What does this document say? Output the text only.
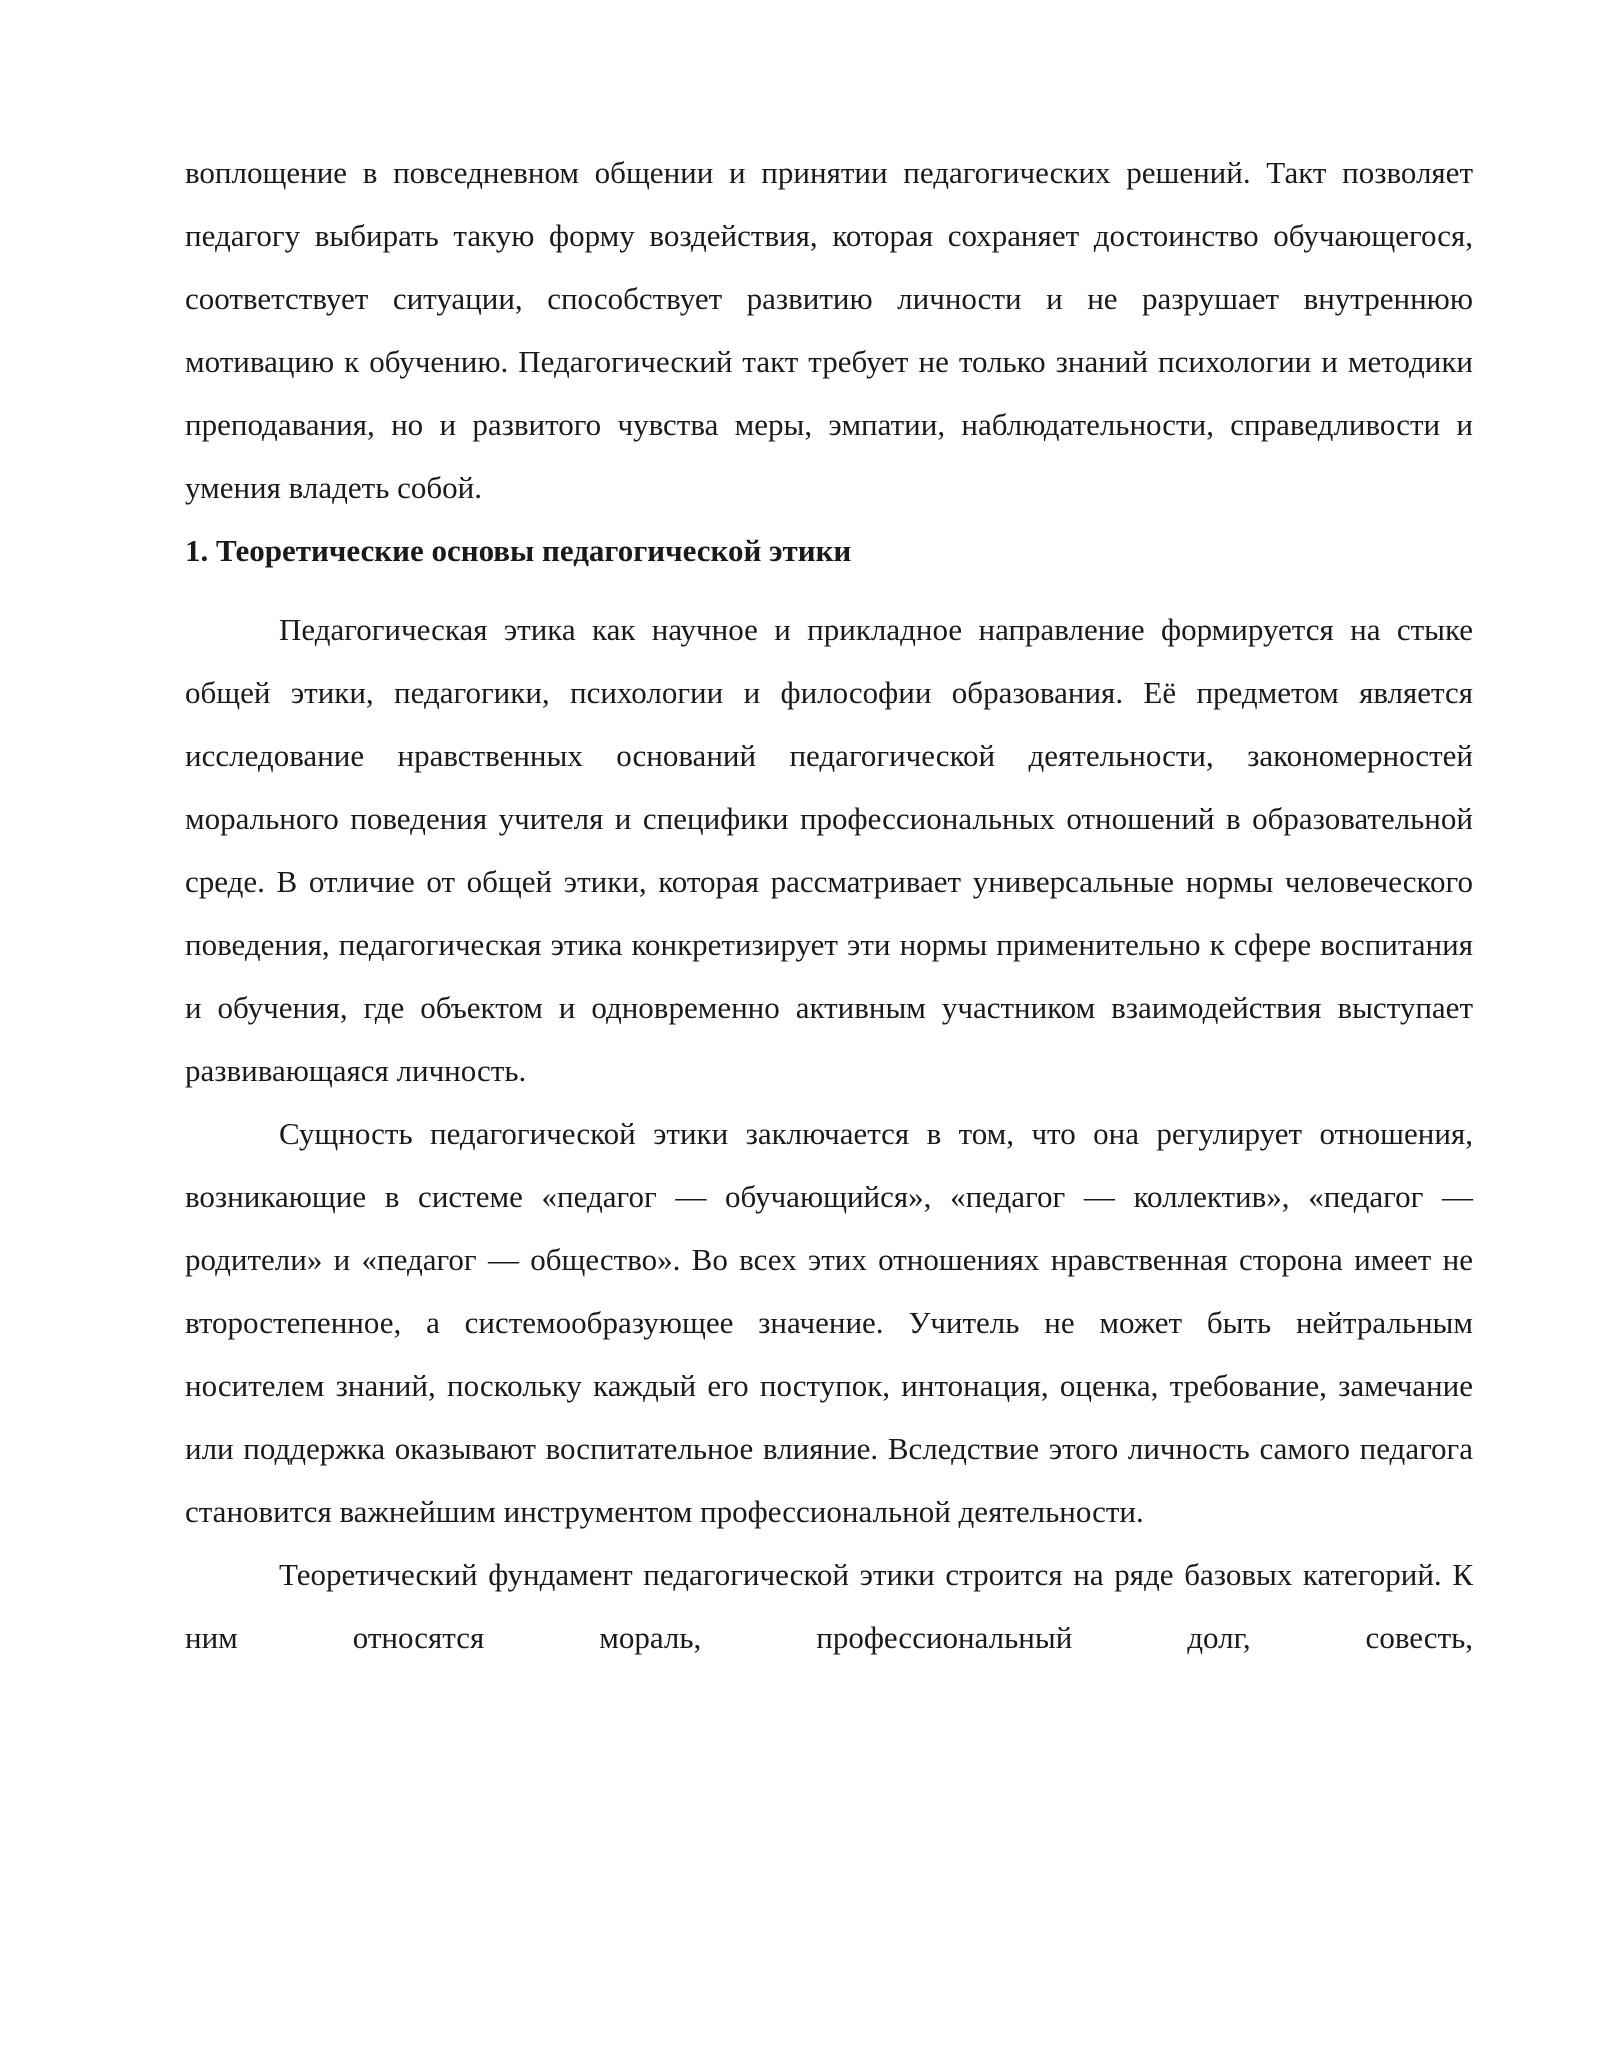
воплощение в повседневном общении и принятии педагогических решений. Такт позволяет педагогу выбирать такую форму воздействия, которая сохраняет достоинство обучающегося, соответствует ситуации, способствует развитию личности и не разрушает внутреннюю мотивацию к обучению. Педагогический такт требует не только знаний психологии и методики преподавания, но и развитого чувства меры, эмпатии, наблюдательности, справедливости и умения владеть собой.

1. Теоретические основы педагогической этики

Педагогическая этика как научное и прикладное направление формируется на стыке общей этики, педагогики, психологии и философии образования. Её предметом является исследование нравственных оснований педагогической деятельности, закономерностей морального поведения учителя и специфики профессиональных отношений в образовательной среде. В отличие от общей этики, которая рассматривает универсальные нормы человеческого поведения, педагогическая этика конкретизирует эти нормы применительно к сфере воспитания и обучения, где объектом и одновременно активным участником взаимодействия выступает развивающаяся личность.

Сущность педагогической этики заключается в том, что она регулирует отношения, возникающие в системе «педагог — обучающийся», «педагог — коллектив», «педагог — родители» и «педагог — общество». Во всех этих отношениях нравственная сторона имеет не второстепенное, а системообразующее значение. Учитель не может быть нейтральным носителем знаний, поскольку каждый его поступок, интонация, оценка, требование, замечание или поддержка оказывают воспитательное влияние. Вследствие этого личность самого педагога становится важнейшим инструментом профессиональной деятельности.

Теоретический фундамент педагогической этики строится на ряде базовых категорий. К ним относятся мораль, профессиональный долг, совесть,
